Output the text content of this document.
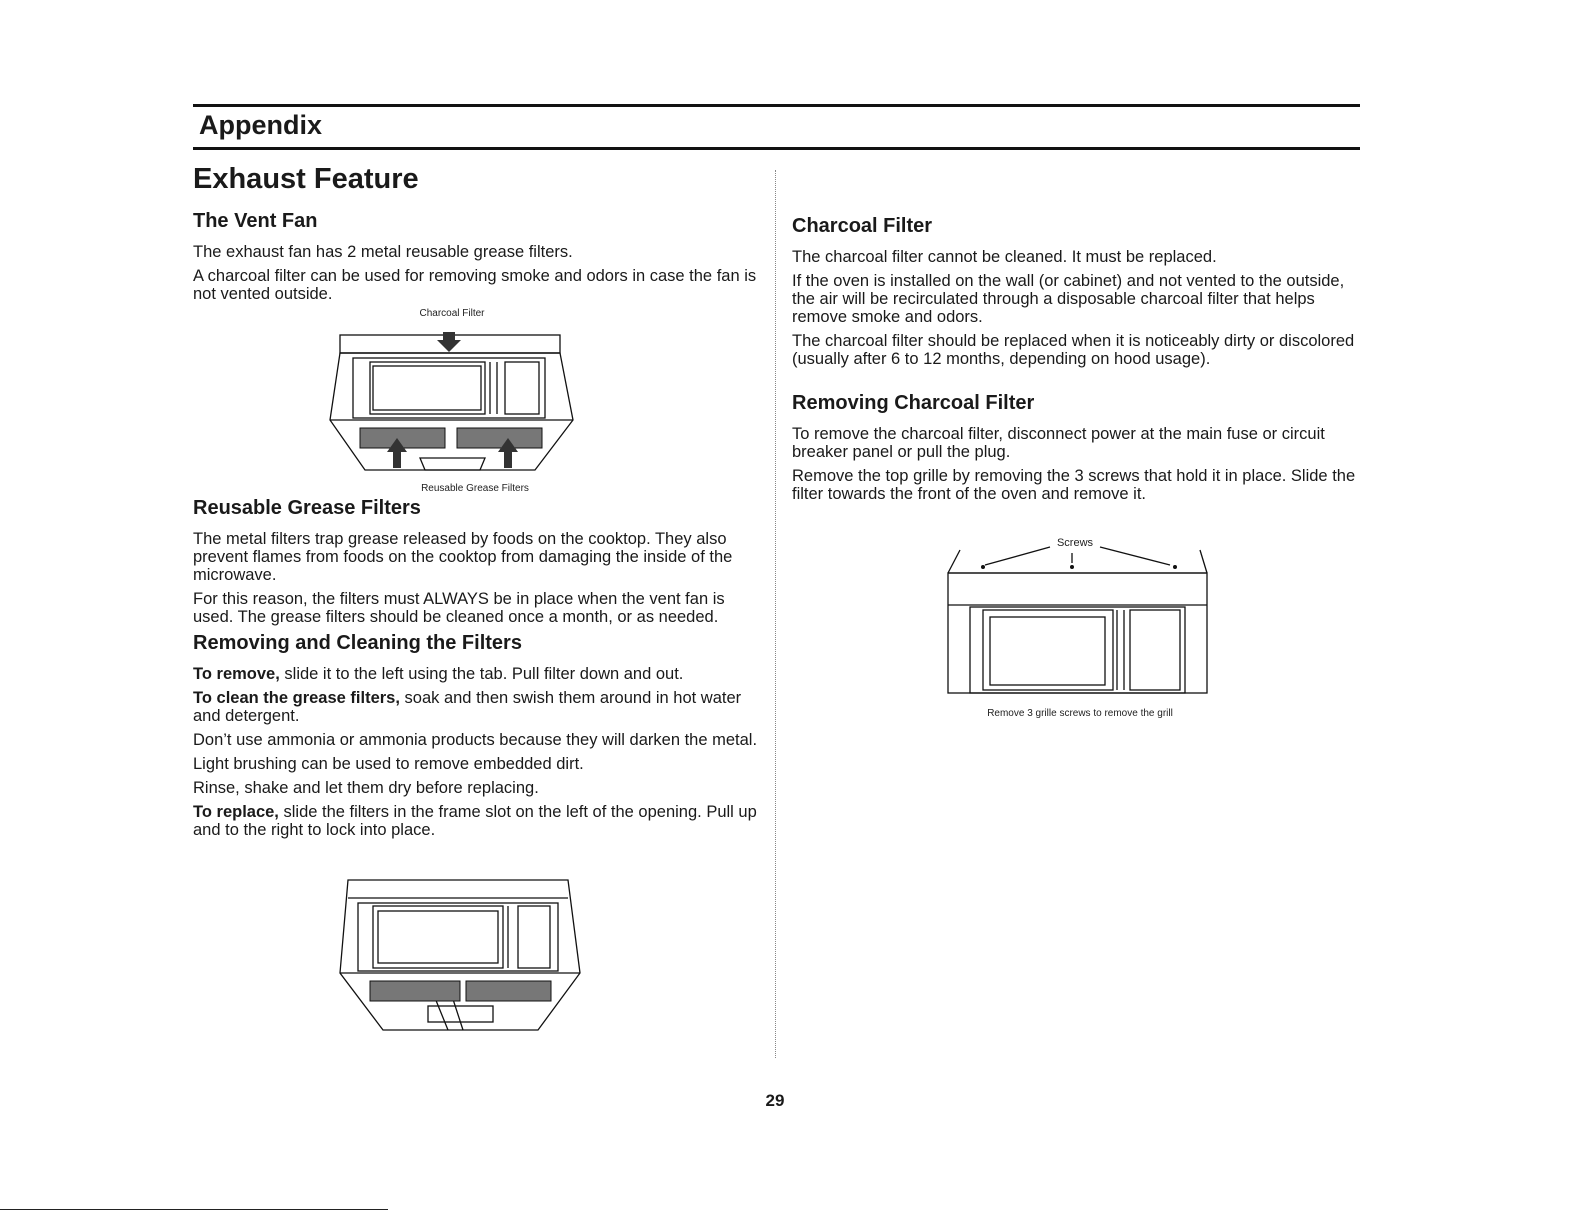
Appendix
Exhaust Feature
The Vent Fan

The exhaust fan has 2 metal reusable grease filters.

A charcoal filter can be used for removing smoke and odors in case the fan is not vented outside.

Charcoal Filter
Reusable Grease Filters
Reusable Grease Filters

The metal filters trap grease released by foods on the cooktop. They also prevent flames from foods on the cooktop from damaging the inside of the microwave.

For this reason, the filters must ALWAYS be in place when the vent fan is used. The grease filters should be cleaned once a month, or as needed.

Removing and Cleaning the Filters

To remove, slide it to the left using the tab. Pull filter down and out.

To clean the grease filters, soak and then swish them around in hot water and detergent.

Don’t use ammonia or ammonia products because they will darken the metal.

Light brushing can be used to remove embedded dirt.

Rinse, shake and let them dry before replacing.

To replace, slide the filters in the frame slot on the left of the opening. Pull up and to the right to lock into place.

Charcoal Filter

The charcoal filter cannot be cleaned. It must be replaced.

If the oven is installed on the wall (or cabinet) and not vented to the outside, the air will be recirculated through a disposable charcoal filter that helps remove smoke and odors.

The charcoal filter should be replaced when it is noticeably dirty or discolored (usually after 6 to 12 months, depending on hood usage).

Removing Charcoal Filter

To remove the charcoal filter, disconnect power at the main fuse or circuit breaker panel or pull the plug.

Remove the top grille by removing the 3 screws that hold it in place. Slide the filter towards the front of the oven and remove it.

Screws
Remove 3 grille screws to remove the grill
29
